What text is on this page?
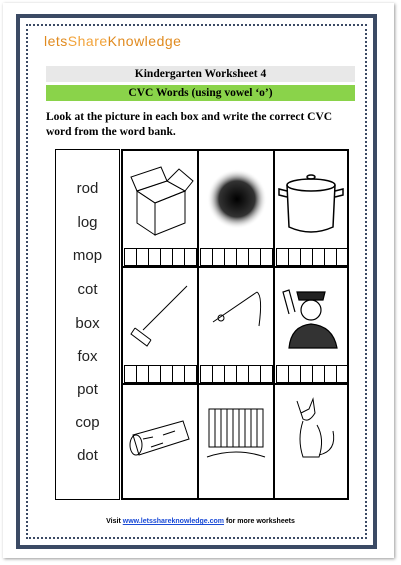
letsShareKnowledge
Kindergarten Worksheet 4
CVC Words (using vowel ‘o’)
Look at the picture in each box and write the correct CVC word from the word bank.
rod
log
mop
cot
box
fox
pot
cop
dot
Visit www.letsshareknowledge.com for more worksheets
